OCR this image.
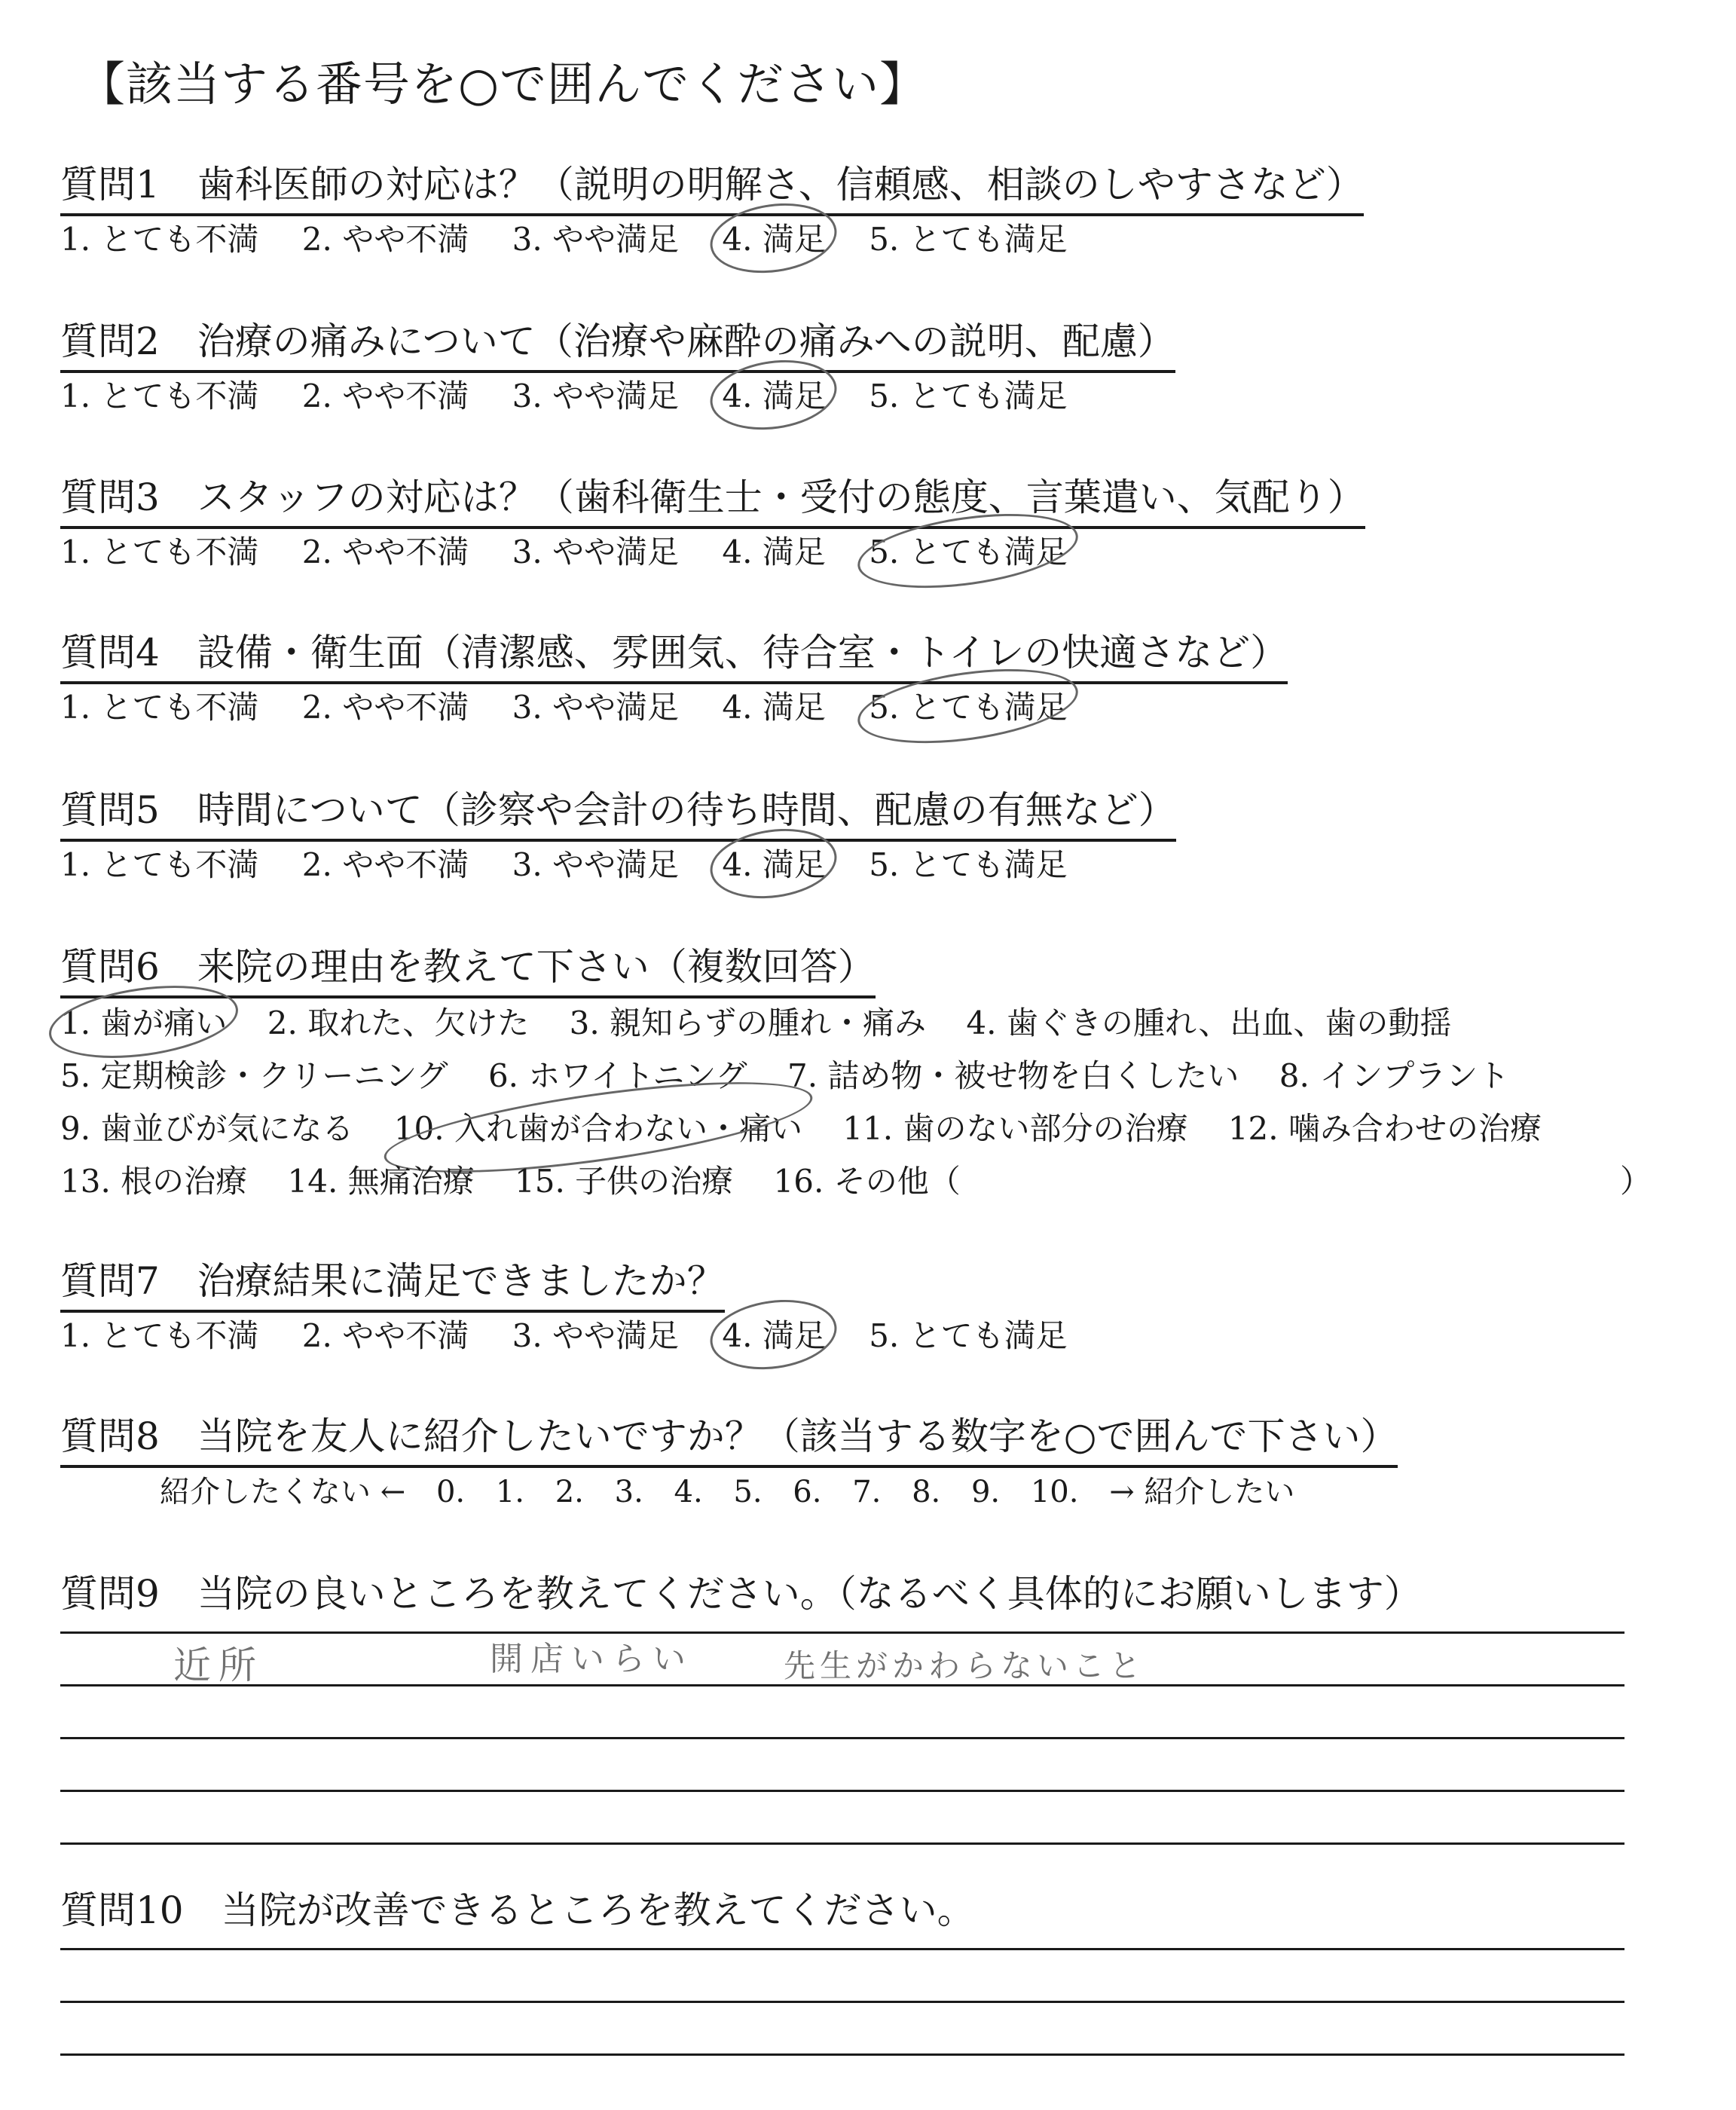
【該当する番号を○で囲んでください】
質問1　歯科医師の対応は？（説明の明解さ、信頼感、相談のしやすさなど）
1. とても不満 2. やや不満 3. やや満足 4. 満足 5. とても満足
質問2　治療の痛みについて（治療や麻酔の痛みへの説明、配慮）
1. とても不満 2. やや不満 3. やや満足 4. 満足 5. とても満足
質問3　スタッフの対応は？（歯科衛生士・受付の態度、言葉遣い、気配り）
1. とても不満 2. やや不満 3. やや満足 4. 満足 5. とても満足
質問4　設備・衛生面（清潔感、雰囲気、待合室・トイレの快適さなど）
1. とても不満 2. やや不満 3. やや満足 4. 満足 5. とても満足
質問5　時間について（診察や会計の待ち時間、配慮の有無など）
1. とても不満 2. やや不満 3. やや満足 4. 満足 5. とても満足
質問6　来院の理由を教えて下さい（複数回答）
1. 歯が痛い 2. 取れた、欠けた 3. 親知らずの腫れ・痛み 4. 歯ぐきの腫れ、出血、歯の動揺
5. 定期検診・クリーニング 6. ホワイトニング 7. 詰め物・被せ物を白くしたい 8. インプラント
9. 歯並びが気になる 10. 入れ歯が合わない・痛い 11. 歯のない部分の治療 12. 噛み合わせの治療
13. 根の治療 14. 無痛治療 15. 子供の治療 16. その他（	）
質問7　治療結果に満足できましたか？
1. とても不満 2. やや不満 3. やや満足 4. 満足 5. とても満足
質問8　当院を友人に紹介したいですか？（該当する数字を○で囲んで下さい）
紹介したくない ← 0. 1. 2. 3. 4. 5. 6. 7. 8. 9. 10. → 紹介したい
質問9　当院の良いところを教えてください。（なるべく具体的にお願いします）
近所	開店いらい	先生がかわらないこと
質問10　当院が改善できるところを教えてください。
